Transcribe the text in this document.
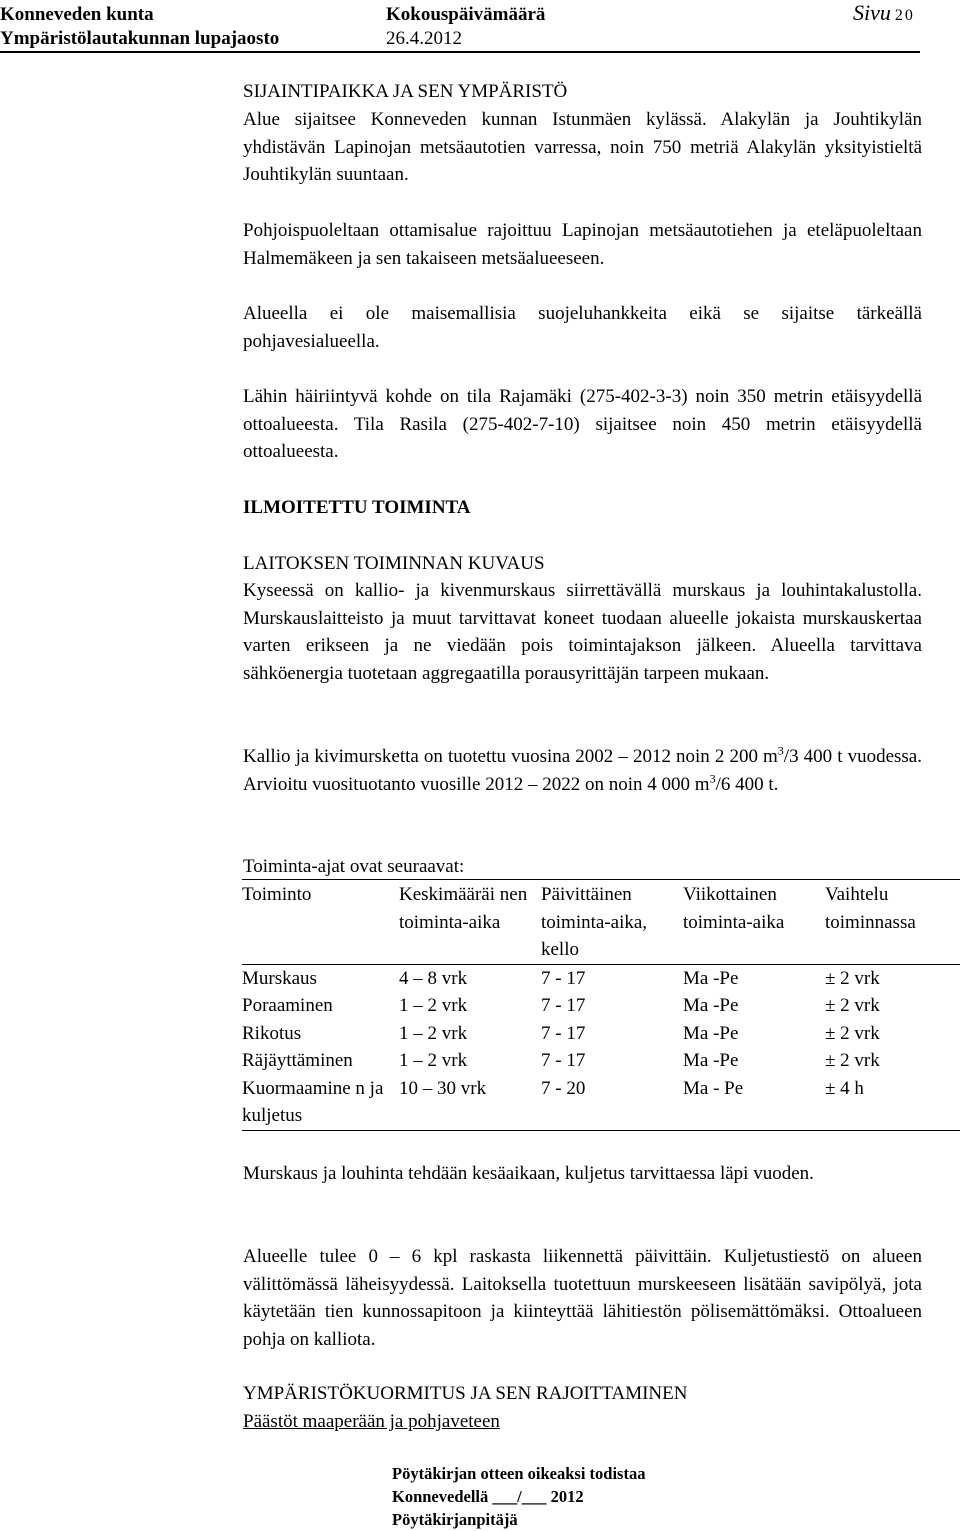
Konneveden kunta
Ympäristölautakunnan lupajaosto
Kokouspäivämäärä
26.4.2012
Sivu 20

SIJAINTIPAIKKA JA SEN YMPÄRISTÖ

Alue sijaitsee Konneveden kunnan Istunmäen kylässä. Alakylän ja Jouhtikylän yhdistävän Lapinojan metsäautotien varressa, noin 750 metriä Alakylän yksityistieltä Jouhtikylän suuntaan.

Pohjoispuoleltaan ottamisalue rajoittuu Lapinojan metsäautotiehen ja eteläpuoleltaan Halmemäkeen ja sen takaiseen metsäalueeseen.

Alueella ei ole maisemallisia suojeluhankkeita eikä se sijaitse tärkeällä pohjavesialueella.

Lähin häiriintyvä kohde on tila Rajamäki (275-402-3-3) noin 350 metrin etäisyydellä ottoalueesta. Tila Rasila (275-402-7-10) sijaitsee noin 450 metrin etäisyydellä ottoalueesta.

ILMOITETTU TOIMINTA

LAITOKSEN TOIMINNAN KUVAUS

Kyseessä on kallio- ja kivenmurskaus siirrettävällä murskaus ja louhintakalustolla. Murskauslaitteisto ja muut tarvittavat koneet tuodaan alueelle jokaista murskauskertaa varten erikseen ja ne viedään pois toimintajakson jälkeen. Alueella tarvittava sähköenergia tuotetaan aggregaatilla porausyrittäjän tarpeen mukaan.

Kallio ja kivimurskettа on tuotettu vuosina 2002 – 2012 noin 2 200 $m^3/3$ 400 t vuodessa. Arvioitu vuosituotanto vuosille 2012 – 2022 on noin 4 000 $m^3/6$ 400 t.

Toiminta-ajat ovat seuraavat:

Toiminto	Keskimääräi nen toiminta-aika	Päivittäinen toiminta-aika, kello	Viikottainen toiminta-aika	Vaihtelu toiminnassa
Murskaus	4 – 8 vrk	7 - 17	Ma -Pe	± 2 vrk
Poraaminen	1 – 2 vrk	7 - 17	Ma -Pe	± 2 vrk
Rikotus	1 – 2 vrk	7 - 17	Ma -Pe	± 2 vrk
Räjäyttäminen	1 – 2 vrk	7 - 17	Ma -Pe	± 2 vrk
Kuormaamine n ja kuljetus	10 – 30 vrk	7 - 20	Ma - Pe	± 4 h

Murskaus ja louhinta tehdään kesäaikaan, kuljetus tarvittaessa läpi vuoden.

Alueelle tulee 0 – 6 kpl raskasta liikennettä päivittäin. Kuljetustiestö on alueen välittömässä läheisyydessä. Laitoksella tuotettuun murskeeseen lisätään savipölyä, jota käytetään tien kunnossapitoon ja kiinteyttää lähitiestön pölisemättömäksi. Ottoalueen pohja on kalliota.

YMPÄRISTÖKUORMITUS JA SEN RAJOITTAMINEN

Päästöt maaperään ja pohjaveteen

Pöytäkirjan otteen oikeaksi todistaa
Konnevedellä ___/___ 2012
Pöytäkirjanpitäjä
